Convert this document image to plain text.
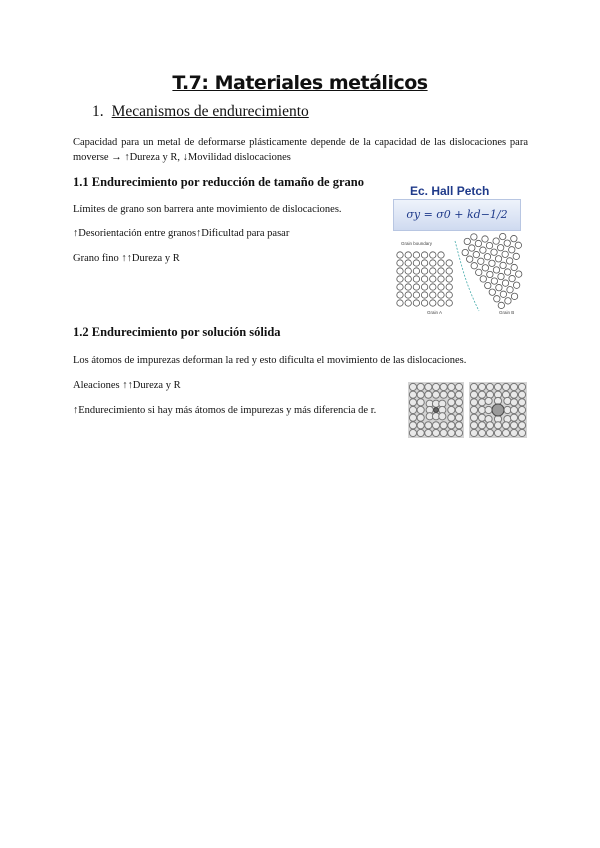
T.7: Materiales metálicos
1. Mecanismos de endurecimiento
Capacidad para un metal de deformarse plásticamente depende de la capacidad de las dislocaciones para moverse → ↑Dureza y R, ↓Movilidad dislocaciones
1.1 Endurecimiento por reducción de tamaño de grano
Límites de grano son barrera ante movimiento de dislocaciones.
↑Desorientación entre granos↑Dificultad para pasar
Grano fino ↑↑Dureza y R
Ec. Hall Petch
σy = σ0 + kd−1/2
Grain boundary
Grain A	Grain B
1.2 Endurecimiento por solución sólida
Los átomos de impurezas deforman la red y esto dificulta el movimiento de las dislocaciones.
Aleaciones ↑↑Dureza y R
↑Endurecimiento si hay más átomos de impurezas y más diferencia de r.
